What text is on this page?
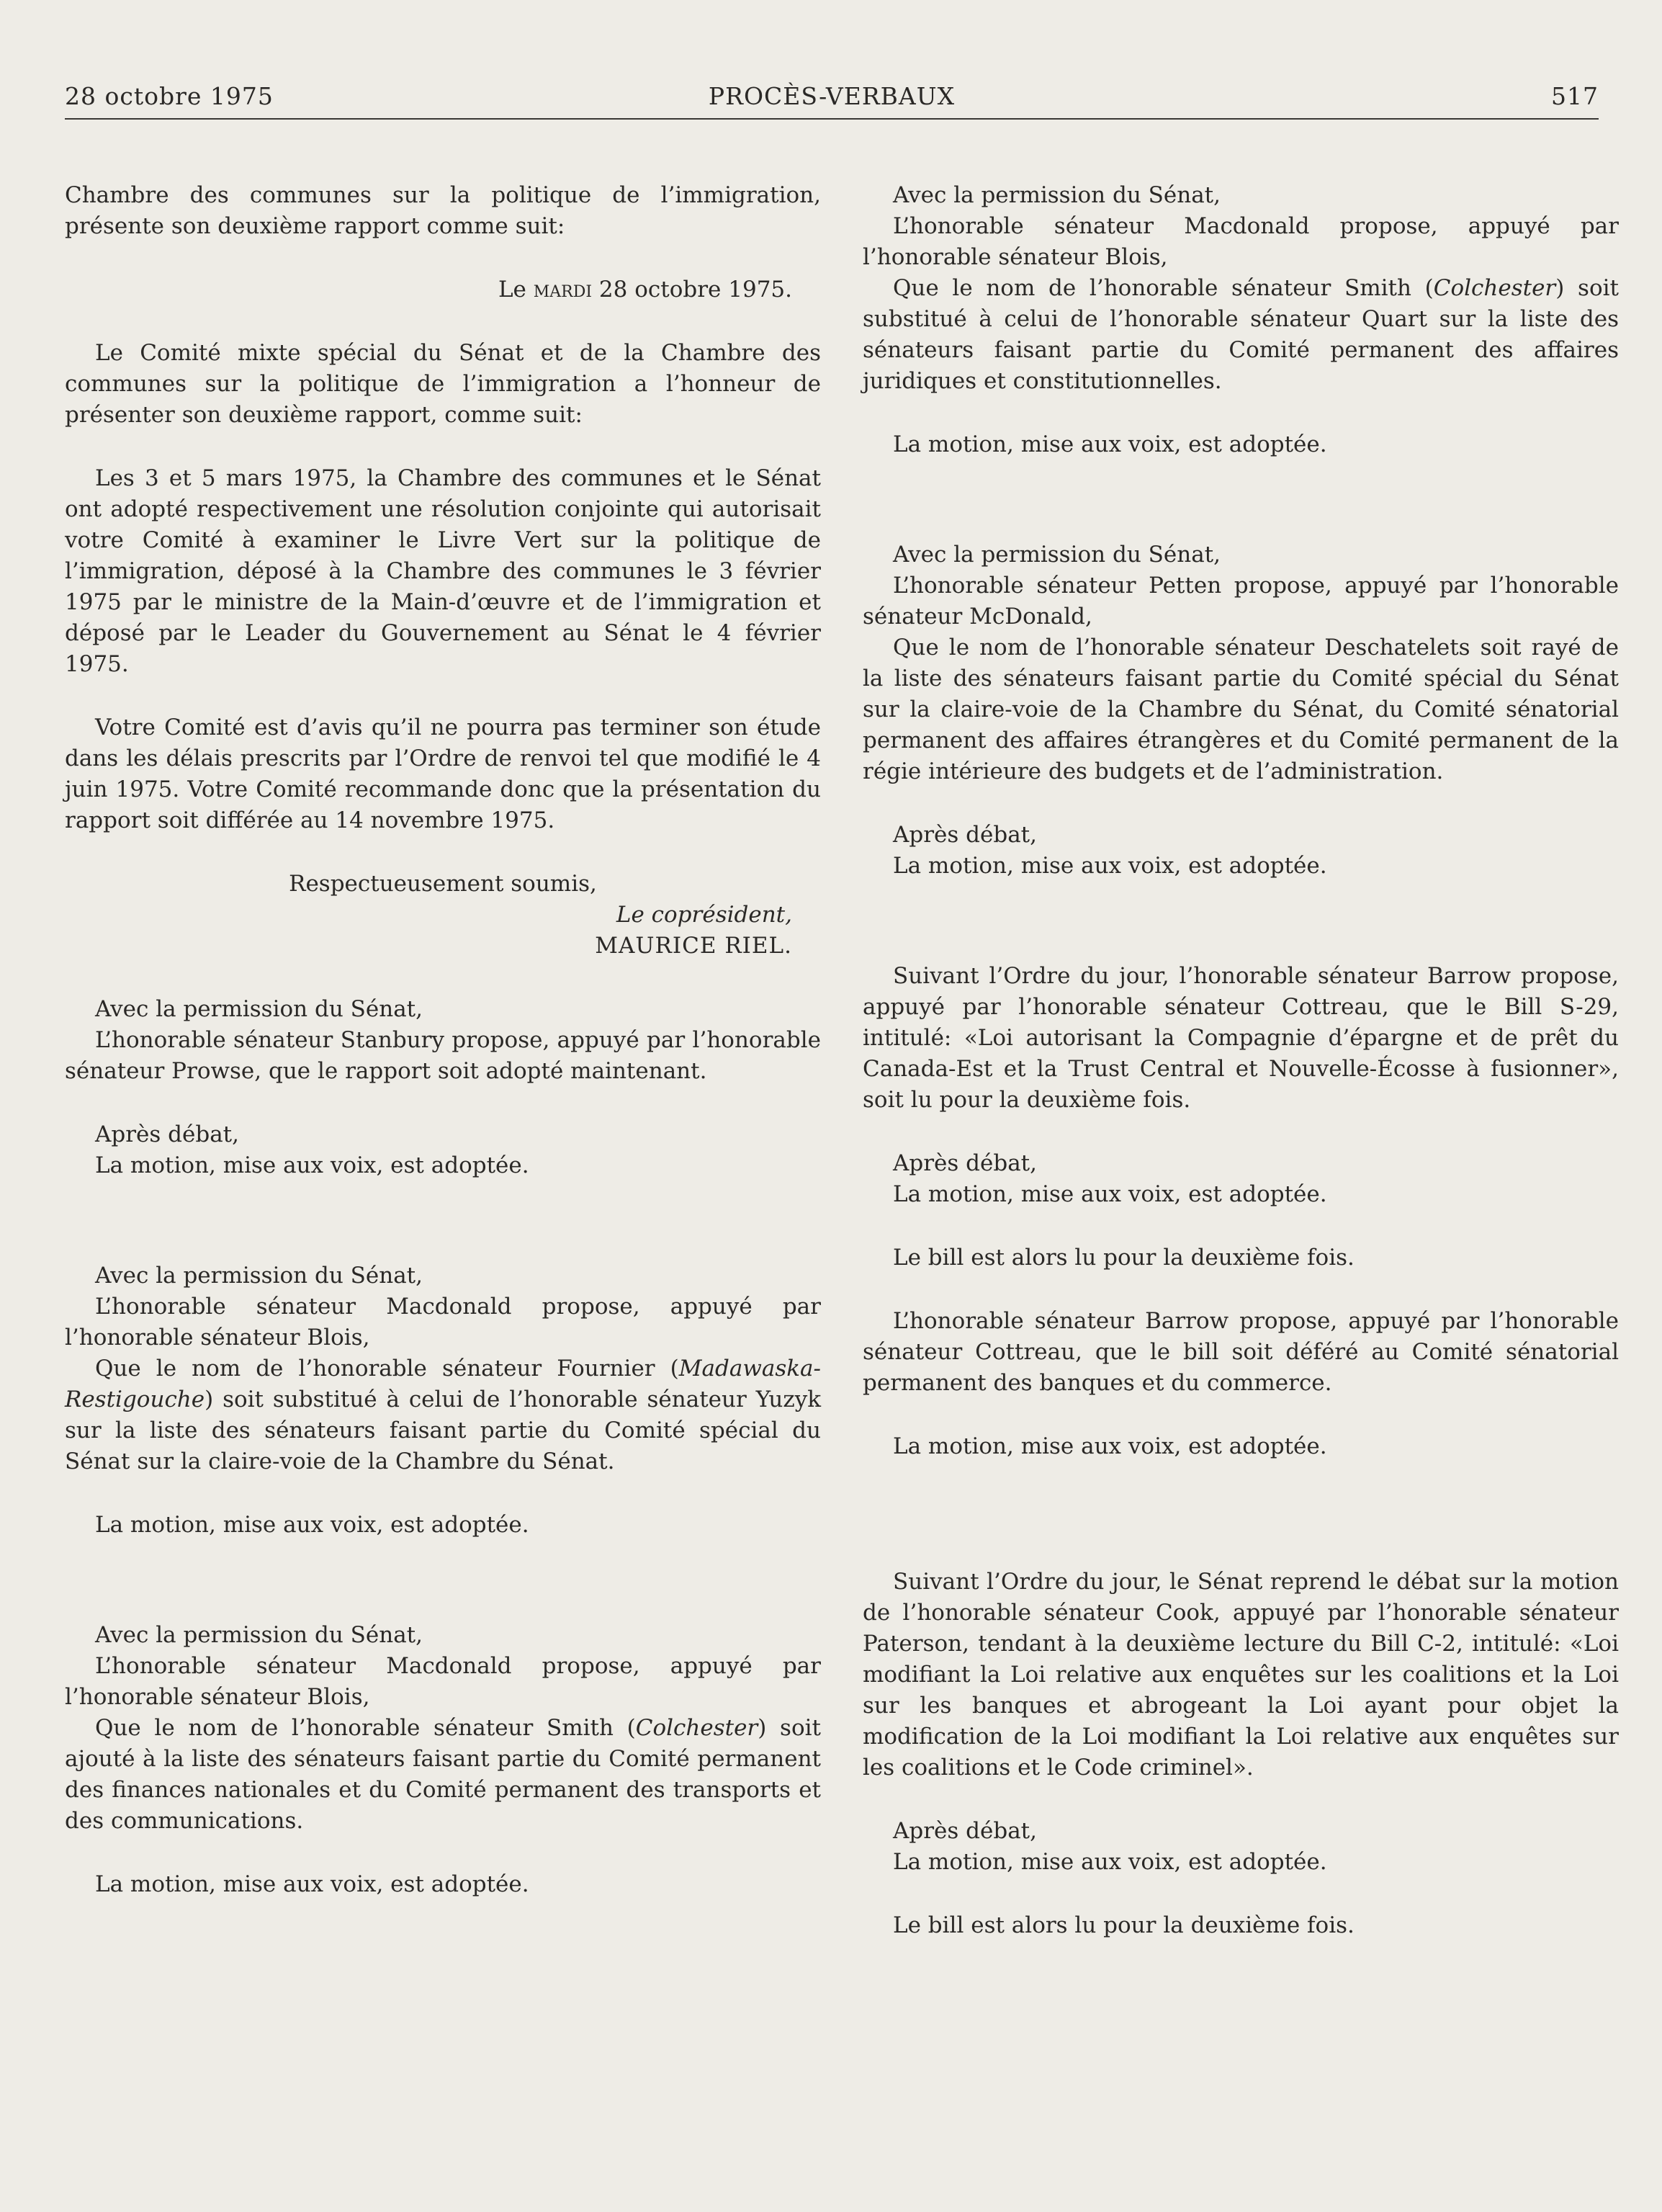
28 octobre 1975	PROCÈS-VERBAUX	517

Chambre des communes sur la politique de l’immigration, présente son deuxième rapport comme suit:

Le mardi 28 octobre 1975.

Le Comité mixte spécial du Sénat et de la Chambre des communes sur la politique de l’immigration a l’honneur de présenter son deuxième rapport, comme suit:

Les 3 et 5 mars 1975, la Chambre des communes et le Sénat ont adopté respectivement une résolution conjointe qui autorisait votre Comité à examiner le Livre Vert sur la politique de l’immigration, déposé à la Chambre des communes le 3 février 1975 par le ministre de la Main-d’œuvre et de l’immigration et déposé par le Leader du Gouvernement au Sénat le 4 février 1975.

Votre Comité est d’avis qu’il ne pourra pas terminer son étude dans les délais prescrits par l’Ordre de renvoi tel que modifié le 4 juin 1975. Votre Comité recommande donc que la présentation du rapport soit différée au 14 novembre 1975.

Respectueusement soumis,

Le coprésident,

MAURICE RIEL.

Avec la permission du Sénat,

L’honorable sénateur Stanbury propose, appuyé par l’honorable sénateur Prowse, que le rapport soit adopté maintenant.

Après débat,

La motion, mise aux voix, est adoptée.

Avec la permission du Sénat,

L’honorable sénateur Macdonald propose, appuyé par l’honorable sénateur Blois,

Que le nom de l’honorable sénateur Fournier (Madawaska-Restigouche) soit substitué à celui de l’honorable sénateur Yuzyk sur la liste des sénateurs faisant partie du Comité spécial du Sénat sur la claire-voie de la Chambre du Sénat.

La motion, mise aux voix, est adoptée.

Avec la permission du Sénat,

L’honorable sénateur Macdonald propose, appuyé par l’honorable sénateur Blois,

Que le nom de l’honorable sénateur Smith (Colchester) soit ajouté à la liste des sénateurs faisant partie du Comité permanent des finances nationales et du Comité permanent des transports et des communications.

La motion, mise aux voix, est adoptée.

Avec la permission du Sénat,

L’honorable sénateur Macdonald propose, appuyé par l’honorable sénateur Blois,

Que le nom de l’honorable sénateur Smith (Colchester) soit substitué à celui de l’honorable sénateur Quart sur la liste des sénateurs faisant partie du Comité permanent des affaires juridiques et constitutionnelles.

La motion, mise aux voix, est adoptée.

Avec la permission du Sénat,

L’honorable sénateur Petten propose, appuyé par l’honorable sénateur McDonald,

Que le nom de l’honorable sénateur Deschatelets soit rayé de la liste des sénateurs faisant partie du Comité spécial du Sénat sur la claire-voie de la Chambre du Sénat, du Comité sénatorial permanent des affaires étrangères et du Comité permanent de la régie intérieure des budgets et de l’administration.

Après débat,

La motion, mise aux voix, est adoptée.

Suivant l’Ordre du jour, l’honorable sénateur Barrow propose, appuyé par l’honorable sénateur Cottreau, que le Bill S-29, intitulé: «Loi autorisant la Compagnie d’épargne et de prêt du Canada-Est et la Trust Central et Nouvelle-Écosse à fusionner», soit lu pour la deuxième fois.

Après débat,

La motion, mise aux voix, est adoptée.

Le bill est alors lu pour la deuxième fois.

L’honorable sénateur Barrow propose, appuyé par l’honorable sénateur Cottreau, que le bill soit déféré au Comité sénatorial permanent des banques et du commerce.

La motion, mise aux voix, est adoptée.

Suivant l’Ordre du jour, le Sénat reprend le débat sur la motion de l’honorable sénateur Cook, appuyé par l’honorable sénateur Paterson, tendant à la deuxième lecture du Bill C-2, intitulé: «Loi modifiant la Loi relative aux enquêtes sur les coalitions et la Loi sur les banques et abrogeant la Loi ayant pour objet la modification de la Loi modifiant la Loi relative aux enquêtes sur les coalitions et le Code criminel».

Après débat,

La motion, mise aux voix, est adoptée.

Le bill est alors lu pour la deuxième fois.
